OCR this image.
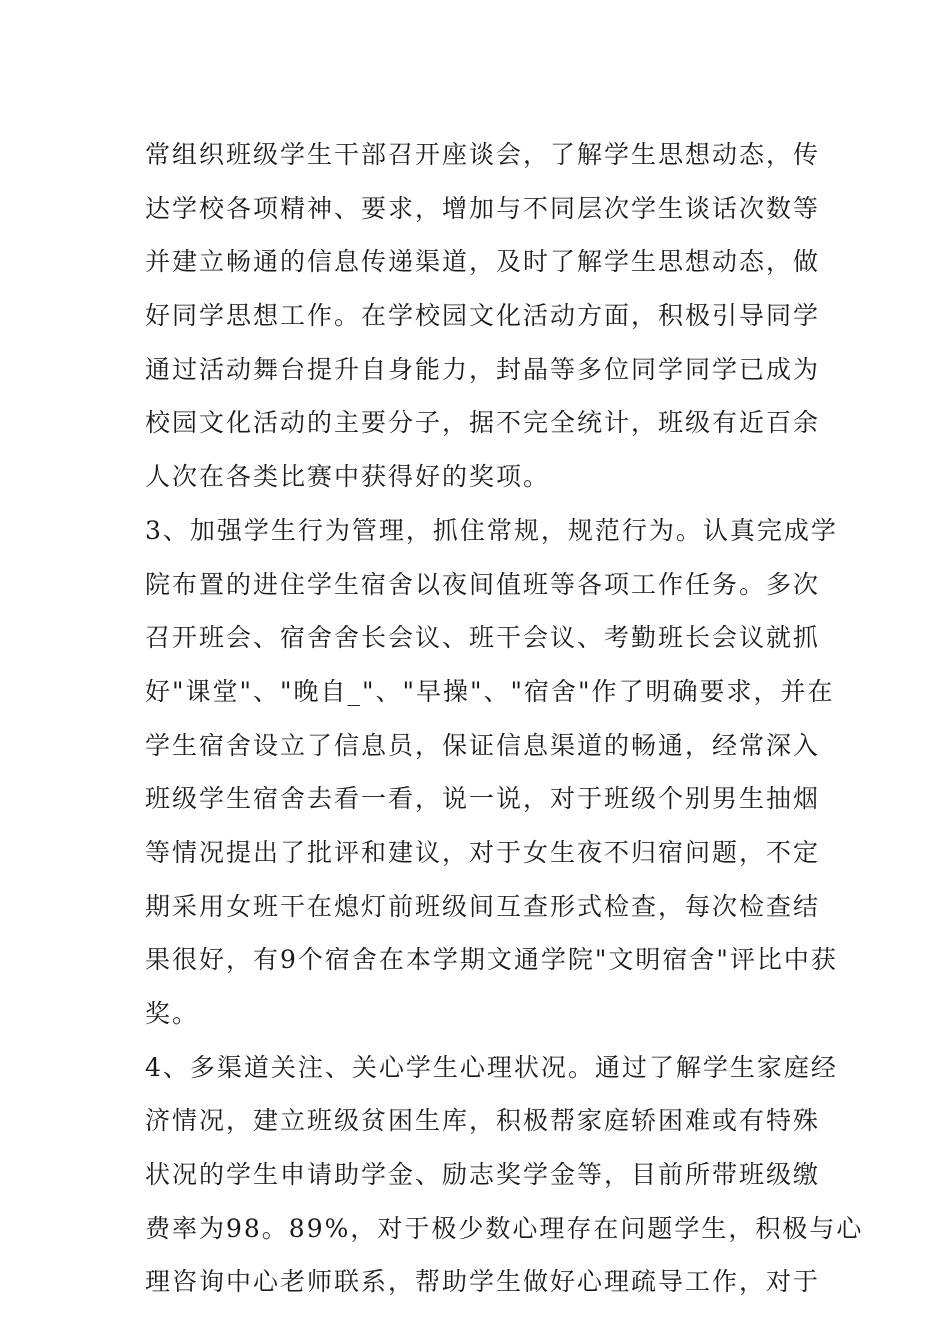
常组织班级学生干部召开座谈会，了解学生思想动态，传
达学校各项精神、要求，增加与不同层次学生谈话次数等
并建立畅通的信息传递渠道，及时了解学生思想动态，做
好同学思想工作。在学校园文化活动方面，积极引导同学
通过活动舞台提升自身能力，封晶等多位同学同学已成为
校园文化活动的主要分子，据不完全统计，班级有近百余
人次在各类比赛中获得好的奖项。
3、加强学生行为管理，抓住常规，规范行为。认真完成学
院布置的进住学生宿舍以夜间值班等各项工作任务。多次
召开班会、宿舍舍长会议、班干会议、考勤班长会议就抓
好"课堂"、"晚自_"、"早操"、"宿舍"作了明确要求，并在
学生宿舍设立了信息员，保证信息渠道的畅通，经常深入
班级学生宿舍去看一看，说一说，对于班级个别男生抽烟
等情况提出了批评和建议，对于女生夜不归宿问题，不定
期采用女班干在熄灯前班级间互查形式检查，每次检查结
果很好，有9个宿舍在本学期文通学院"文明宿舍"评比中获
奖。
4、多渠道关注、关心学生心理状况。通过了解学生家庭经
济情况，建立班级贫困生库，积极帮家庭轿困难或有特殊
状况的学生申请助学金、励志奖学金等，目前所带班级缴
费率为98。89%，对于极少数心理存在问题学生，积极与心
理咨询中心老师联系，帮助学生做好心理疏导工作，对于
